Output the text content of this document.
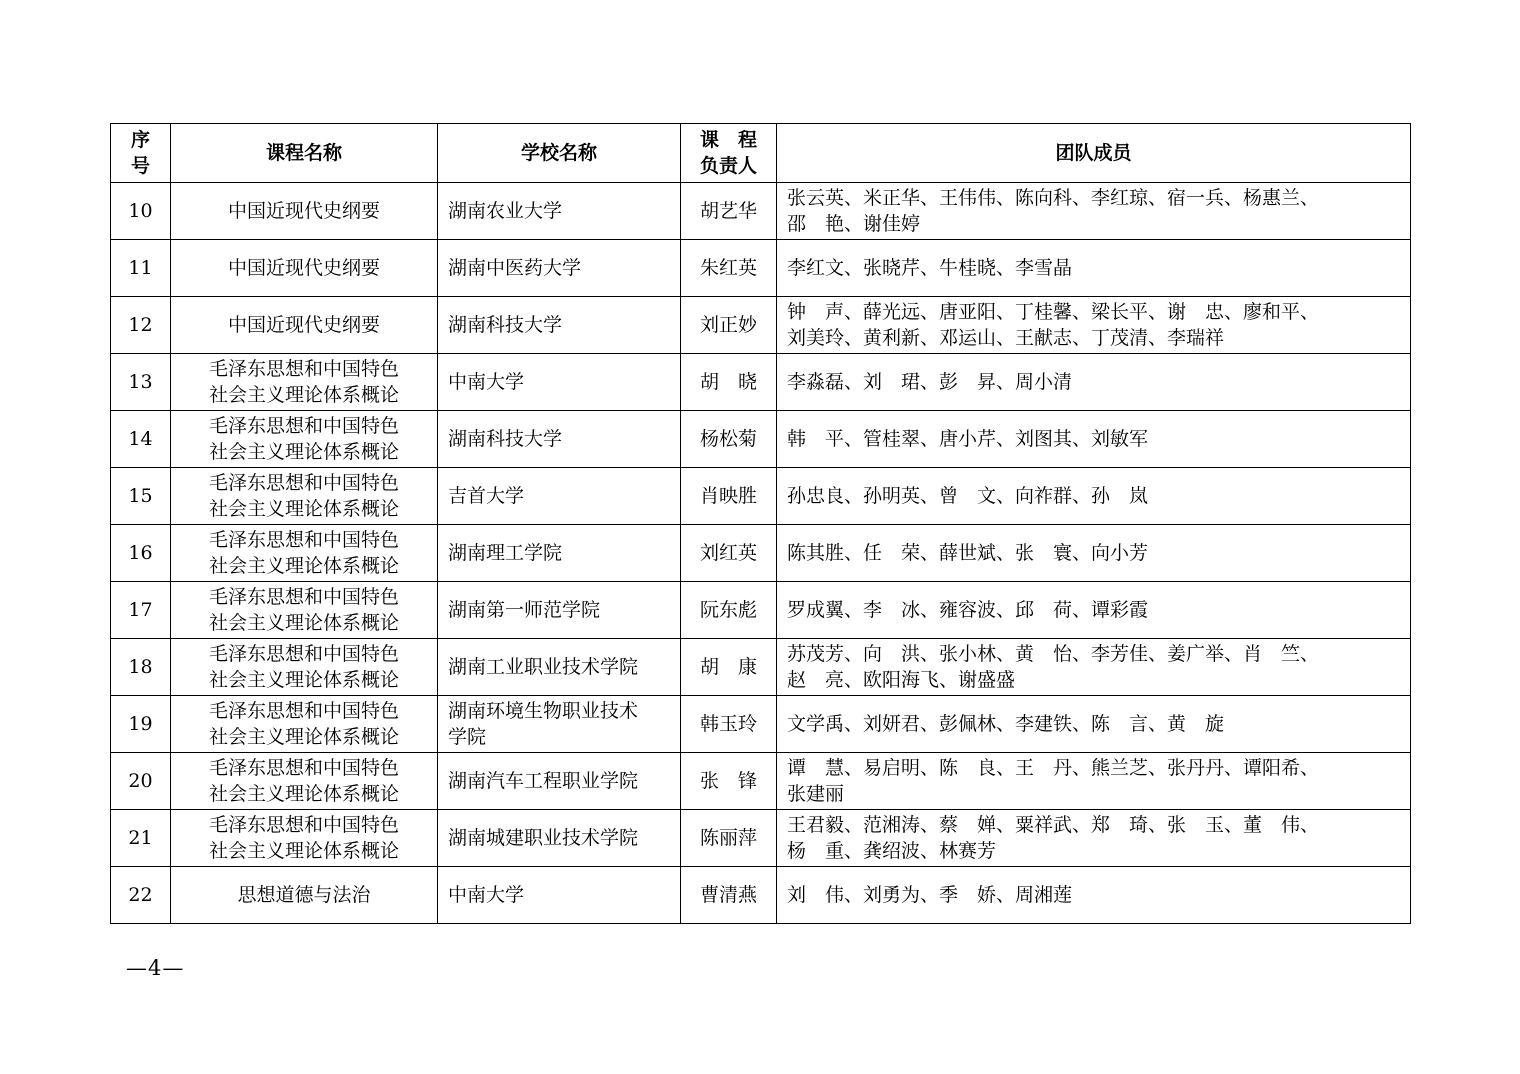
序
号	课程名称	学校名称	课　程
负责人	团队成员
10	中国近现代史纲要	湖南农业大学	胡艺华	张云英、米正华、王伟伟、陈向科、李红琼、宿一兵、杨惠兰、
邵　艳、谢佳婷
11	中国近现代史纲要	湖南中医药大学	朱红英	李红文、张晓芹、牛桂晓、李雪晶
12	中国近现代史纲要	湖南科技大学	刘正妙	钟　声、薛光远、唐亚阳、丁桂馨、梁长平、谢　忠、廖和平、
刘美玲、黄利新、邓运山、王献志、丁茂清、李瑞祥
13	毛泽东思想和中国特色
社会主义理论体系概论	中南大学	胡　晓	李淼磊、刘　珺、彭　昇、周小清
14	毛泽东思想和中国特色
社会主义理论体系概论	湖南科技大学	杨松菊	韩　平、管桂翠、唐小芹、刘图其、刘敏军
15	毛泽东思想和中国特色
社会主义理论体系概论	吉首大学	肖映胜	孙忠良、孙明英、曾　文、向祚群、孙　岚
16	毛泽东思想和中国特色
社会主义理论体系概论	湖南理工学院	刘红英	陈其胜、任　荣、薛世斌、张　寰、向小芳
17	毛泽东思想和中国特色
社会主义理论体系概论	湖南第一师范学院	阮东彪	罗成翼、李　冰、雍容波、邱　荷、谭彩霞
18	毛泽东思想和中国特色
社会主义理论体系概论	湖南工业职业技术学院	胡　康	苏茂芳、向　洪、张小林、黄　怡、李芳佳、姜广举、肖　竺、
赵　亮、欧阳海飞、谢盛盛
19	毛泽东思想和中国特色
社会主义理论体系概论	湖南环境生物职业技术
学院	韩玉玲	文学禹、刘妍君、彭佩林、李建铁、陈　言、黄　旋
20	毛泽东思想和中国特色
社会主义理论体系概论	湖南汽车工程职业学院	张　锋	谭　慧、易启明、陈　良、王　丹、熊兰芝、张丹丹、谭阳希、
张建丽
21	毛泽东思想和中国特色
社会主义理论体系概论	湖南城建职业技术学院	陈丽萍	王君毅、范湘涛、蔡　婵、粟祥武、郑　琦、张　玉、董　伟、
杨　重、龚绍波、林赛芳
22	思想道德与法治	中南大学	曹清燕	刘　伟、刘勇为、季　娇、周湘莲
—4—
